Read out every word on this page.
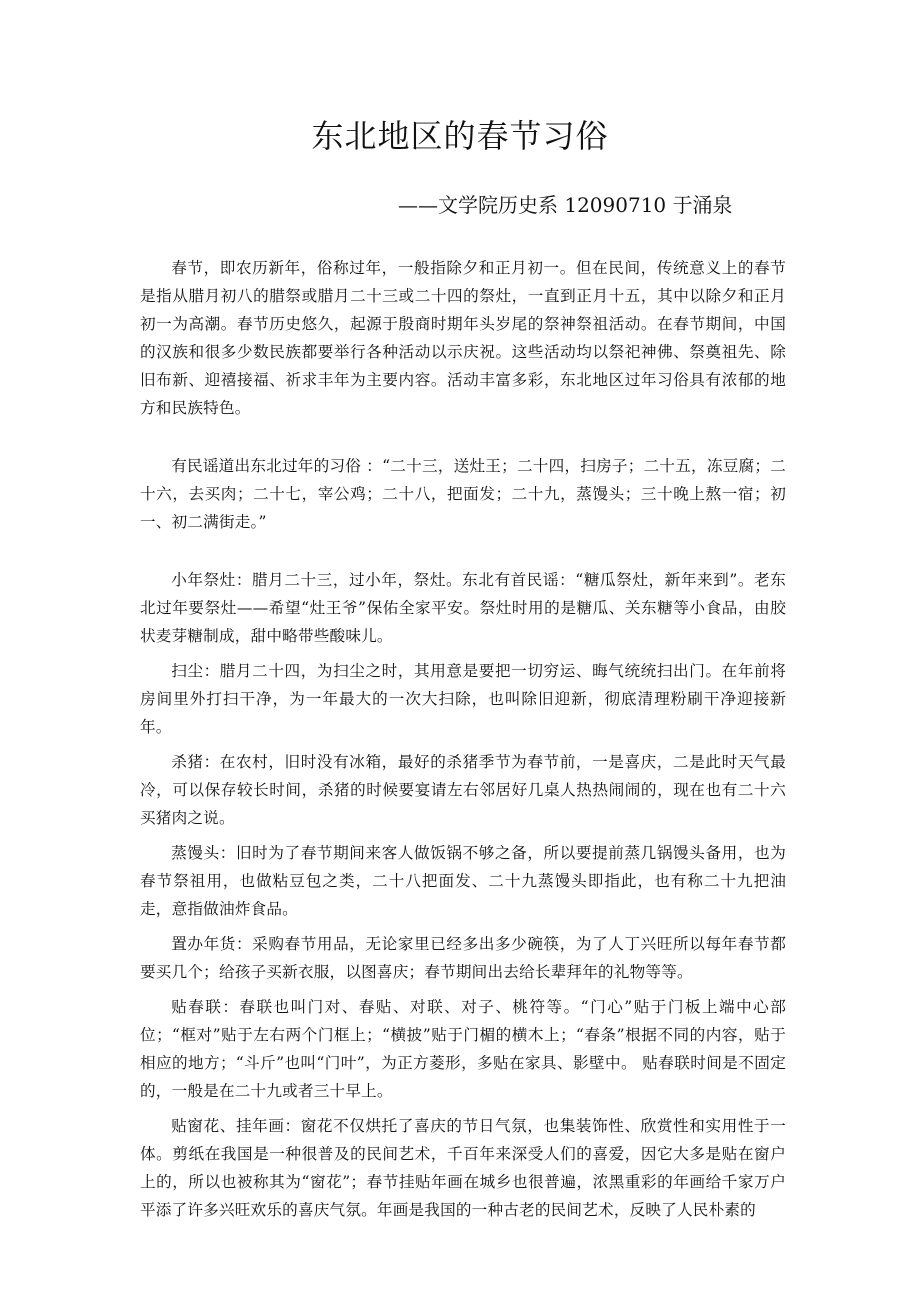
东北地区的春节习俗

——文学院历史系 12090710 于涌泉

春节，即农历新年，俗称过年，一般指除夕和正月初一。但在民间，传统意义上的春节是指从腊月初八的腊祭或腊月二十三或二十四的祭灶，一直到正月十五，其中以除夕和正月初一为高潮。春节历史悠久，起源于殷商时期年头岁尾的祭神祭祖活动。在春节期间，中国的汉族和很多少数民族都要举行各种活动以示庆祝。这些活动均以祭祀神佛、祭奠祖先、除旧布新、迎禧接福、祈求丰年为主要内容。活动丰富多彩，东北地区过年习俗具有浓郁的地方和民族特色。

有民谣道出东北过年的习俗 ：“二十三，送灶王；二十四，扫房子；二十五，冻豆腐；二十六，去买肉；二十七，宰公鸡；二十八，把面发；二十九，蒸馒头；三十晚上熬一宿；初一、初二满街走。”

小年祭灶：腊月二十三，过小年，祭灶。东北有首民谣：“糖瓜祭灶，新年来到”。老东北过年要祭灶——希望“灶王爷”保佑全家平安。祭灶时用的是糖瓜、关东糖等小食品，由胶状麦芽糖制成，甜中略带些酸味儿。

扫尘：腊月二十四，为扫尘之时，其用意是要把一切穷运、晦气统统扫出门。在年前将房间里外打扫干净，为一年最大的一次大扫除，也叫除旧迎新，彻底清理粉刷干净迎接新年。

杀猪：在农村，旧时没有冰箱，最好的杀猪季节为春节前，一是喜庆，二是此时天气最冷，可以保存较长时间，杀猪的时候要宴请左右邻居好几桌人热热闹闹的，现在也有二十六买猪肉之说。

蒸馒头：旧时为了春节期间来客人做饭锅不够之备，所以要提前蒸几锅馒头备用，也为春节祭祖用，也做粘豆包之类，二十八把面发、二十九蒸馒头即指此，也有称二十九把油走，意指做油炸食品。

置办年货：采购春节用品，无论家里已经多出多少碗筷，为了人丁兴旺所以每年春节都要买几个；给孩子买新衣服，以图喜庆；春节期间出去给长辈拜年的礼物等等。

贴春联：春联也叫门对、春贴、对联、对子、桃符等。“门心”贴于门板上端中心部位；“框对”贴于左右两个门框上；“横披”贴于门楣的横木上；“春条”根据不同的内容，贴于相应的地方；“斗斤”也叫“门叶”，为正方菱形，多贴在家具、影壁中。 贴春联时间是不固定的，一般是在二十九或者三十早上。

贴窗花、挂年画：窗花不仅烘托了喜庆的节日气氛，也集装饰性、欣赏性和实用性于一体。剪纸在我国是一种很普及的民间艺术，千百年来深受人们的喜爱，因它大多是贴在窗户上的，所以也被称其为“窗花”；春节挂贴年画在城乡也很普遍，浓黑重彩的年画给千家万户平添了许多兴旺欢乐的喜庆气氛。年画是我国的一种古老的民间艺术，反映了人民朴素的
